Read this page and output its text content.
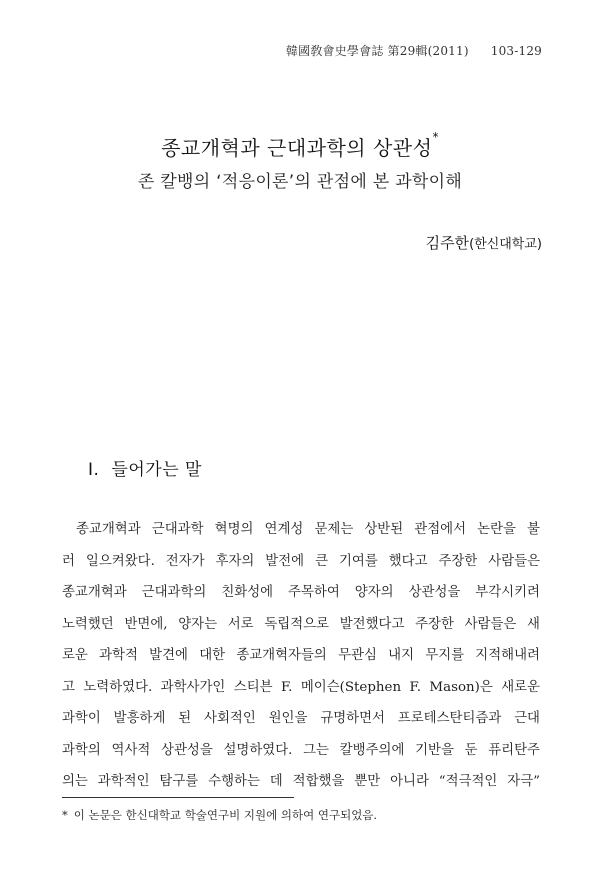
韓國敎會史學會誌 第29輯(2011) 103-129
종교개혁과 근대과학의 상관성*
존 칼뱅의 ‘적응이론’의 관점에 본 과학이해
김주한(한신대학교)
Ⅰ. 들어가는 말
종교개혁과 근대과학 혁명의 연계성 문제는 상반된 관점에서 논란을 불
러 일으켜왔다. 전자가 후자의 발전에 큰 기여를 했다고 주장한 사람들은
종교개혁과 근대과학의 친화성에 주목하여 양자의 상관성을 부각시키려
노력했던 반면에, 양자는 서로 독립적으로 발전했다고 주장한 사람들은 새
로운 과학적 발견에 대한 종교개혁자들의 무관심 내지 무지를 지적해내려
고 노력하였다. 과학사가인 스티븐 F. 메이슨(Stephen F. Mason)은 새로운
과학이 발흥하게 된 사회적인 원인을 규명하면서 프로테스탄티즘과 근대
과학의 역사적 상관성을 설명하였다. 그는 칼뱅주의에 기반을 둔 퓨리탄주
의는 과학적인 탐구를 수행하는 데 적합했을 뿐만 아니라 “적극적인 자극”
* 이 논문은 한신대학교 학술연구비 지원에 의하여 연구되었음.
